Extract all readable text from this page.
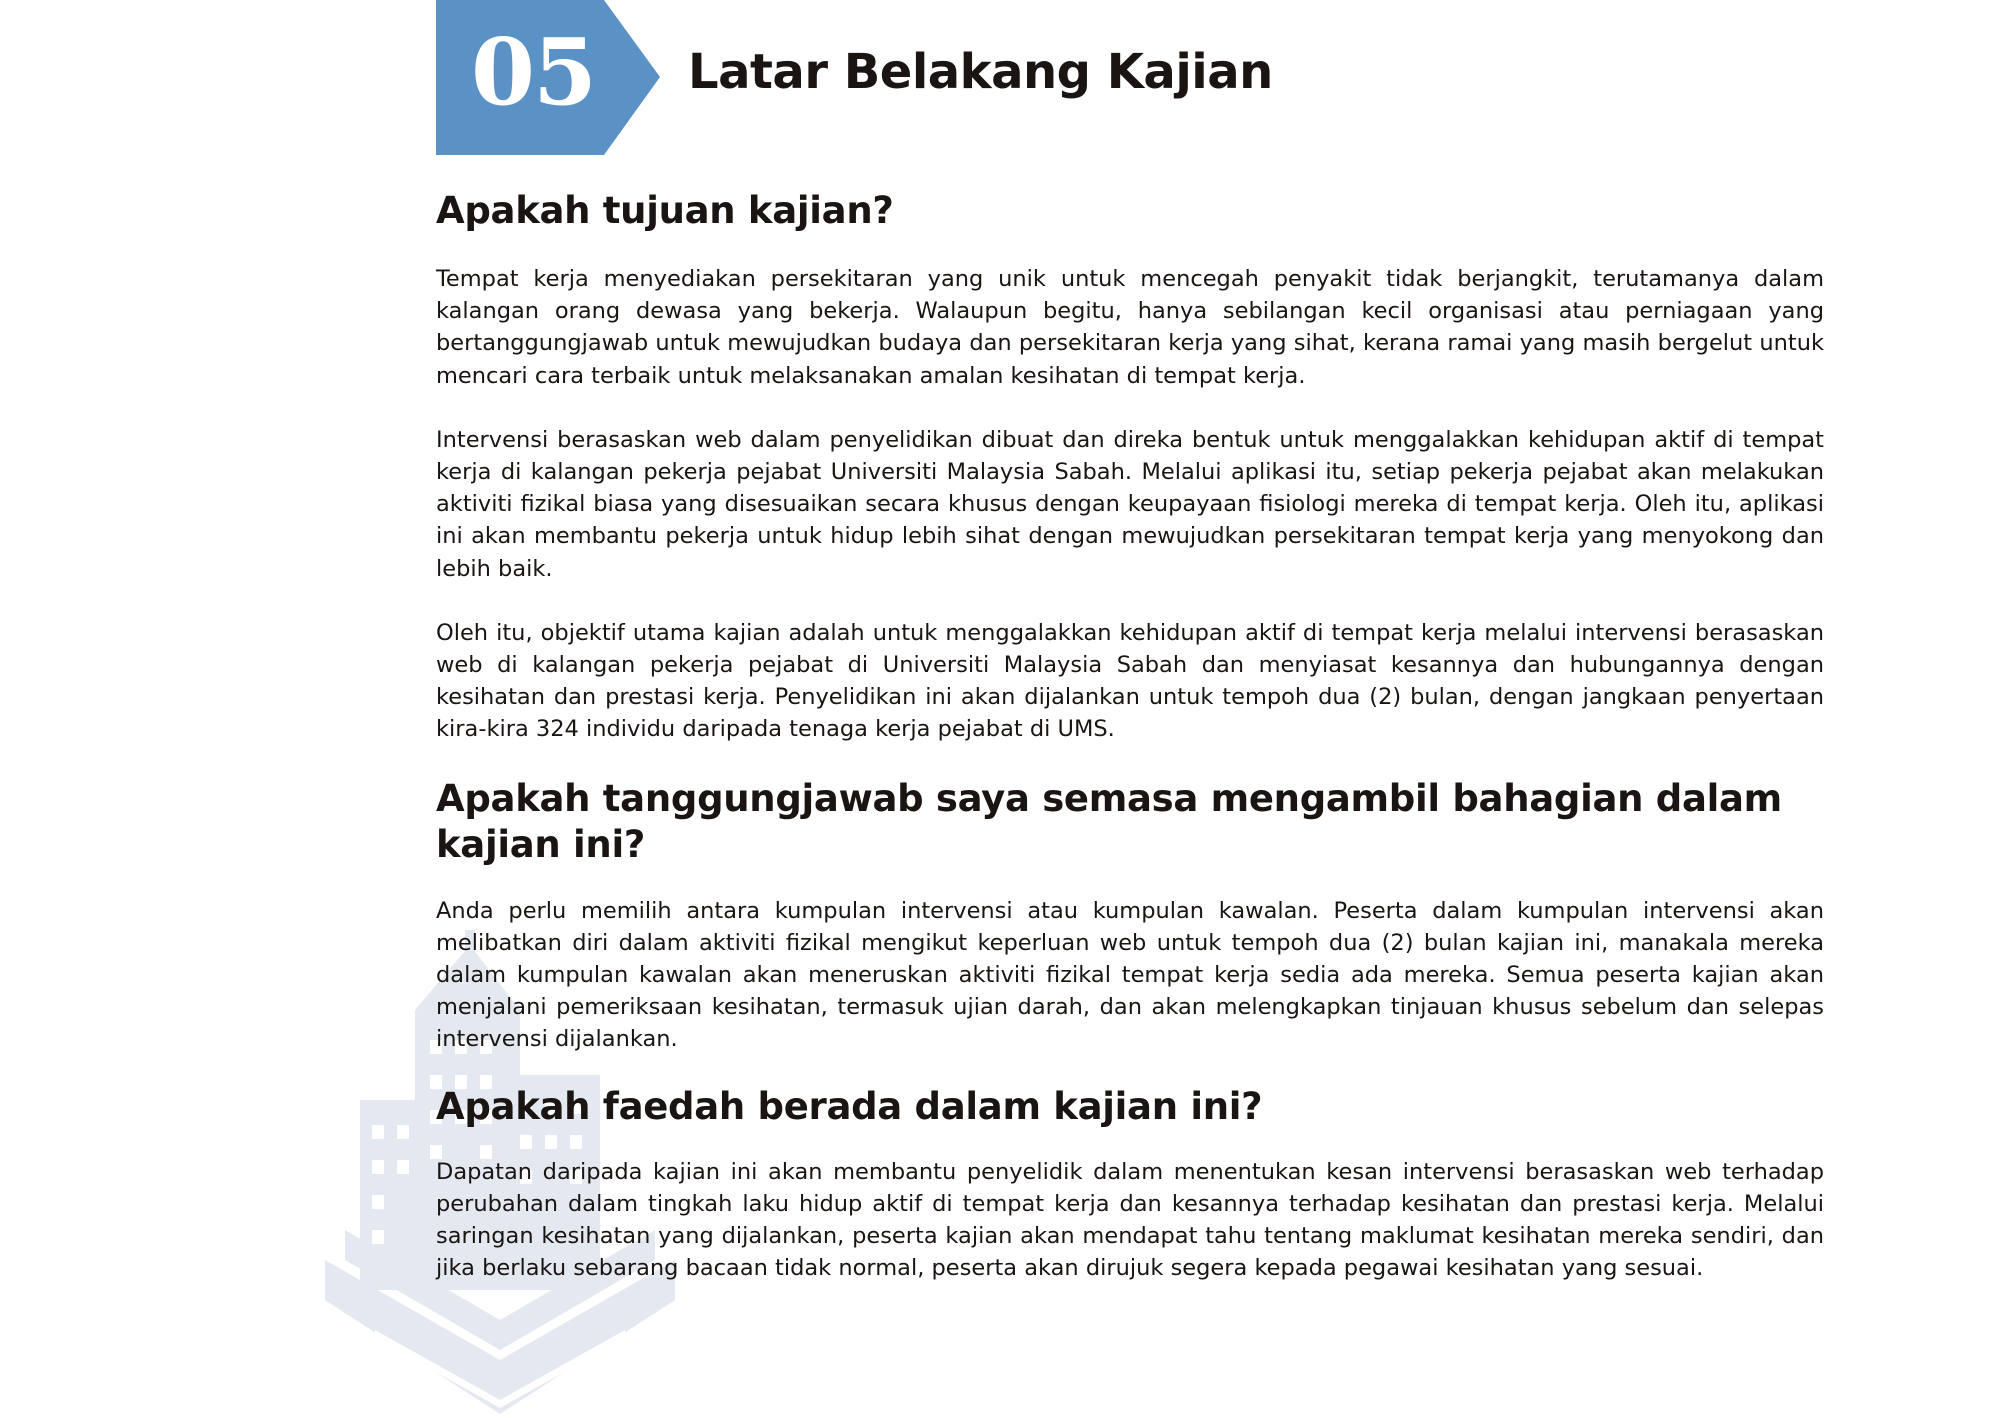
05	Latar Belakang Kajian
Apakah tujuan kajian?

Tempat kerja menyediakan persekitaran yang unik untuk mencegah penyakit tidak berjangkit, terutamanya dalam kalangan orang dewasa yang bekerja. Walaupun begitu, hanya sebilangan kecil organisasi atau perniagaan yang bertanggungjawab untuk mewujudkan budaya dan persekitaran kerja yang sihat, kerana ramai yang masih bergelut untuk mencari cara terbaik untuk melaksanakan amalan kesihatan di tempat kerja.

Intervensi berasaskan web dalam penyelidikan dibuat dan direka bentuk untuk menggalakkan kehidupan aktif di tempat kerja di kalangan pekerja pejabat Universiti Malaysia Sabah. Melalui aplikasi itu, setiap pekerja pejabat akan melakukan aktiviti fizikal biasa yang disesuaikan secara khusus dengan keupayaan fisiologi mereka di tempat kerja. Oleh itu, aplikasi ini akan membantu pekerja untuk hidup lebih sihat dengan mewujudkan persekitaran tempat kerja yang menyokong dan lebih baik.

Oleh itu, objektif utama kajian adalah untuk menggalakkan kehidupan aktif di tempat kerja melalui intervensi berasaskan web di kalangan pekerja pejabat di Universiti Malaysia Sabah dan menyiasat kesannya dan hubungannya dengan kesihatan dan prestasi kerja. Penyelidikan ini akan dijalankan untuk tempoh dua (2) bulan, dengan jangkaan penyertaan kira-kira 324 individu daripada tenaga kerja pejabat di UMS.

Apakah tanggungjawab saya semasa mengambil bahagian dalam kajian ini?

Anda perlu memilih antara kumpulan intervensi atau kumpulan kawalan. Peserta dalam kumpulan intervensi akan melibatkan diri dalam aktiviti fizikal mengikut keperluan web untuk tempoh dua (2) bulan kajian ini, manakala mereka dalam kumpulan kawalan akan meneruskan aktiviti fizikal tempat kerja sedia ada mereka. Semua peserta kajian akan menjalani pemeriksaan kesihatan, termasuk ujian darah, dan akan melengkapkan tinjauan khusus sebelum dan selepas intervensi dijalankan.

Apakah faedah berada dalam kajian ini?

Dapatan daripada kajian ini akan membantu penyelidik dalam menentukan kesan intervensi berasaskan web terhadap perubahan dalam tingkah laku hidup aktif di tempat kerja dan kesannya terhadap kesihatan dan prestasi kerja. Melalui saringan kesihatan yang dijalankan, peserta kajian akan mendapat tahu tentang maklumat kesihatan mereka sendiri, dan jika berlaku sebarang bacaan tidak normal, peserta akan dirujuk segera kepada pegawai kesihatan yang sesuai.
